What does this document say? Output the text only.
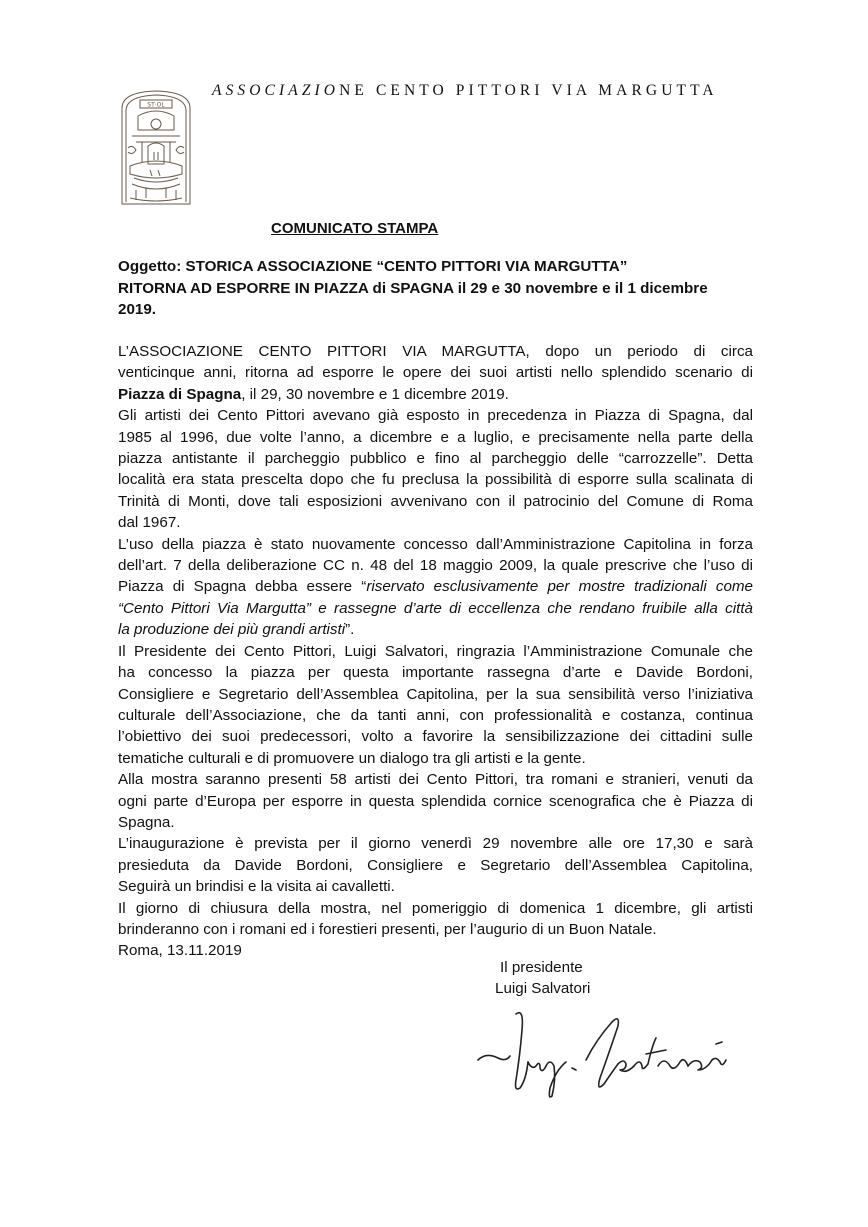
ST·OL
ASSOCIAZIONE CENTO PITTORI VIA MARGUTTA
COMUNICATO STAMPA
Oggetto: STORICA ASSOCIAZIONE “CENTO PITTORI VIA MARGUTTA”
RITORNA AD ESPORRE IN PIAZZA di SPAGNA il 29 e 30 novembre e il 1 dicembre
2019.
L’ASSOCIAZIONE CENTO PITTORI VIA MARGUTTA, dopo un periodo di circa
venticinque anni, ritorna ad esporre le opere dei suoi artisti nello splendido scenario di
Piazza di Spagna, il 29, 30 novembre e 1 dicembre 2019.
Gli artisti dei Cento Pittori avevano già esposto in precedenza in Piazza di Spagna, dal
1985 al 1996, due volte l’anno, a dicembre e a luglio, e precisamente nella parte della
piazza antistante il parcheggio pubblico e fino al parcheggio delle “carrozzelle”. Detta
località era stata prescelta dopo che fu preclusa la possibilità di esporre sulla scalinata di
Trinità di Monti, dove tali esposizioni avvenivano con il patrocinio del Comune di Roma
dal 1967.
L’uso della piazza è stato nuovamente concesso dall’Amministrazione Capitolina in forza
dell’art. 7 della deliberazione CC n. 48 del 18 maggio 2009, la quale prescrive che l’uso di
Piazza di Spagna debba essere “riservato esclusivamente per mostre tradizionali come
“Cento Pittori Via Margutta” e rassegne d’arte di eccellenza che rendano fruibile alla città
la produzione dei più grandi artisti”.
Il Presidente dei Cento Pittori, Luigi Salvatori, ringrazia l’Amministrazione Comunale che
ha concesso la piazza per questa importante rassegna d’arte e Davide Bordoni,
Consigliere e Segretario dell’Assemblea Capitolina, per la sua sensibilità verso l’iniziativa
culturale dell’Associazione, che da tanti anni, con professionalità e costanza, continua
l’obiettivo dei suoi predecessori, volto a favorire la sensibilizzazione dei cittadini sulle
tematiche culturali e di promuovere un dialogo tra gli artisti e la gente.
Alla mostra saranno presenti 58 artisti dei Cento Pittori, tra romani e stranieri, venuti da
ogni parte d’Europa per esporre in questa splendida cornice scenografica che è Piazza di
Spagna.
L’inaugurazione è prevista per il giorno venerdì 29 novembre alle ore 17,30 e sarà
presieduta da Davide Bordoni, Consigliere e Segretario dell’Assemblea Capitolina,
Seguirà un brindisi e la visita ai cavalletti.
Il giorno di chiusura della mostra, nel pomeriggio di domenica 1 dicembre, gli artisti
brinderanno con i romani ed i forestieri presenti, per l’augurio di un Buon Natale.
Roma, 13.11.2019
Il presidente
Luigi Salvatori
